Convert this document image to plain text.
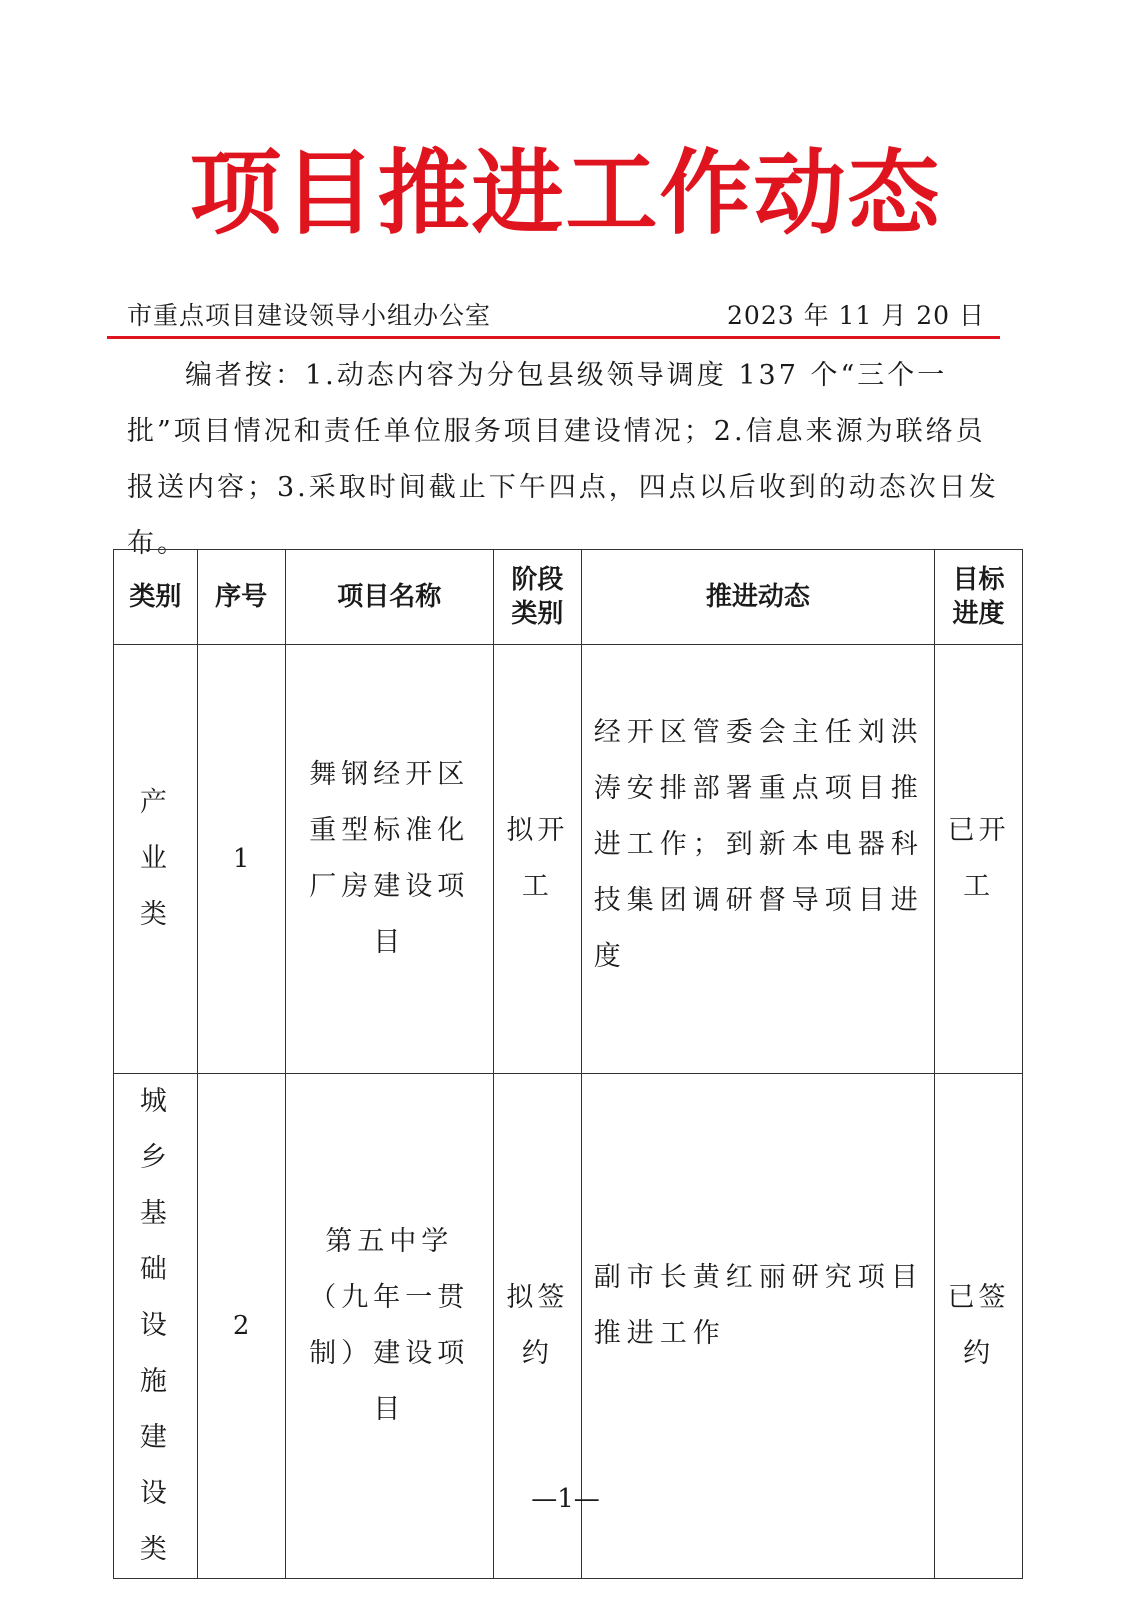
项目推进工作动态
市重点项目建设领导小组办公室	2023 年 11 月 20 日
编者按：1.动态内容为分包县级领导调度 137 个“三个一批”项目情况和责任单位服务项目建设情况；2.信息来源为联络员报送内容；3.采取时间截止下午四点，四点以后收到的动态次日发布。
类别	序号	项目名称	阶段类别	推进动态	目标进度
产业类	1	舞钢经开区重型标准化厂房建设项目	拟开工	经开区管委会主任刘洪涛安排部署重点项目推进工作；到新本电器科技集团调研督导项目进度	已开工
城乡基础设施建设类	2	第五中学（九年一贯制）建设项目	拟签约	副市长黄红丽研究项目推进工作	已签约
—1—
